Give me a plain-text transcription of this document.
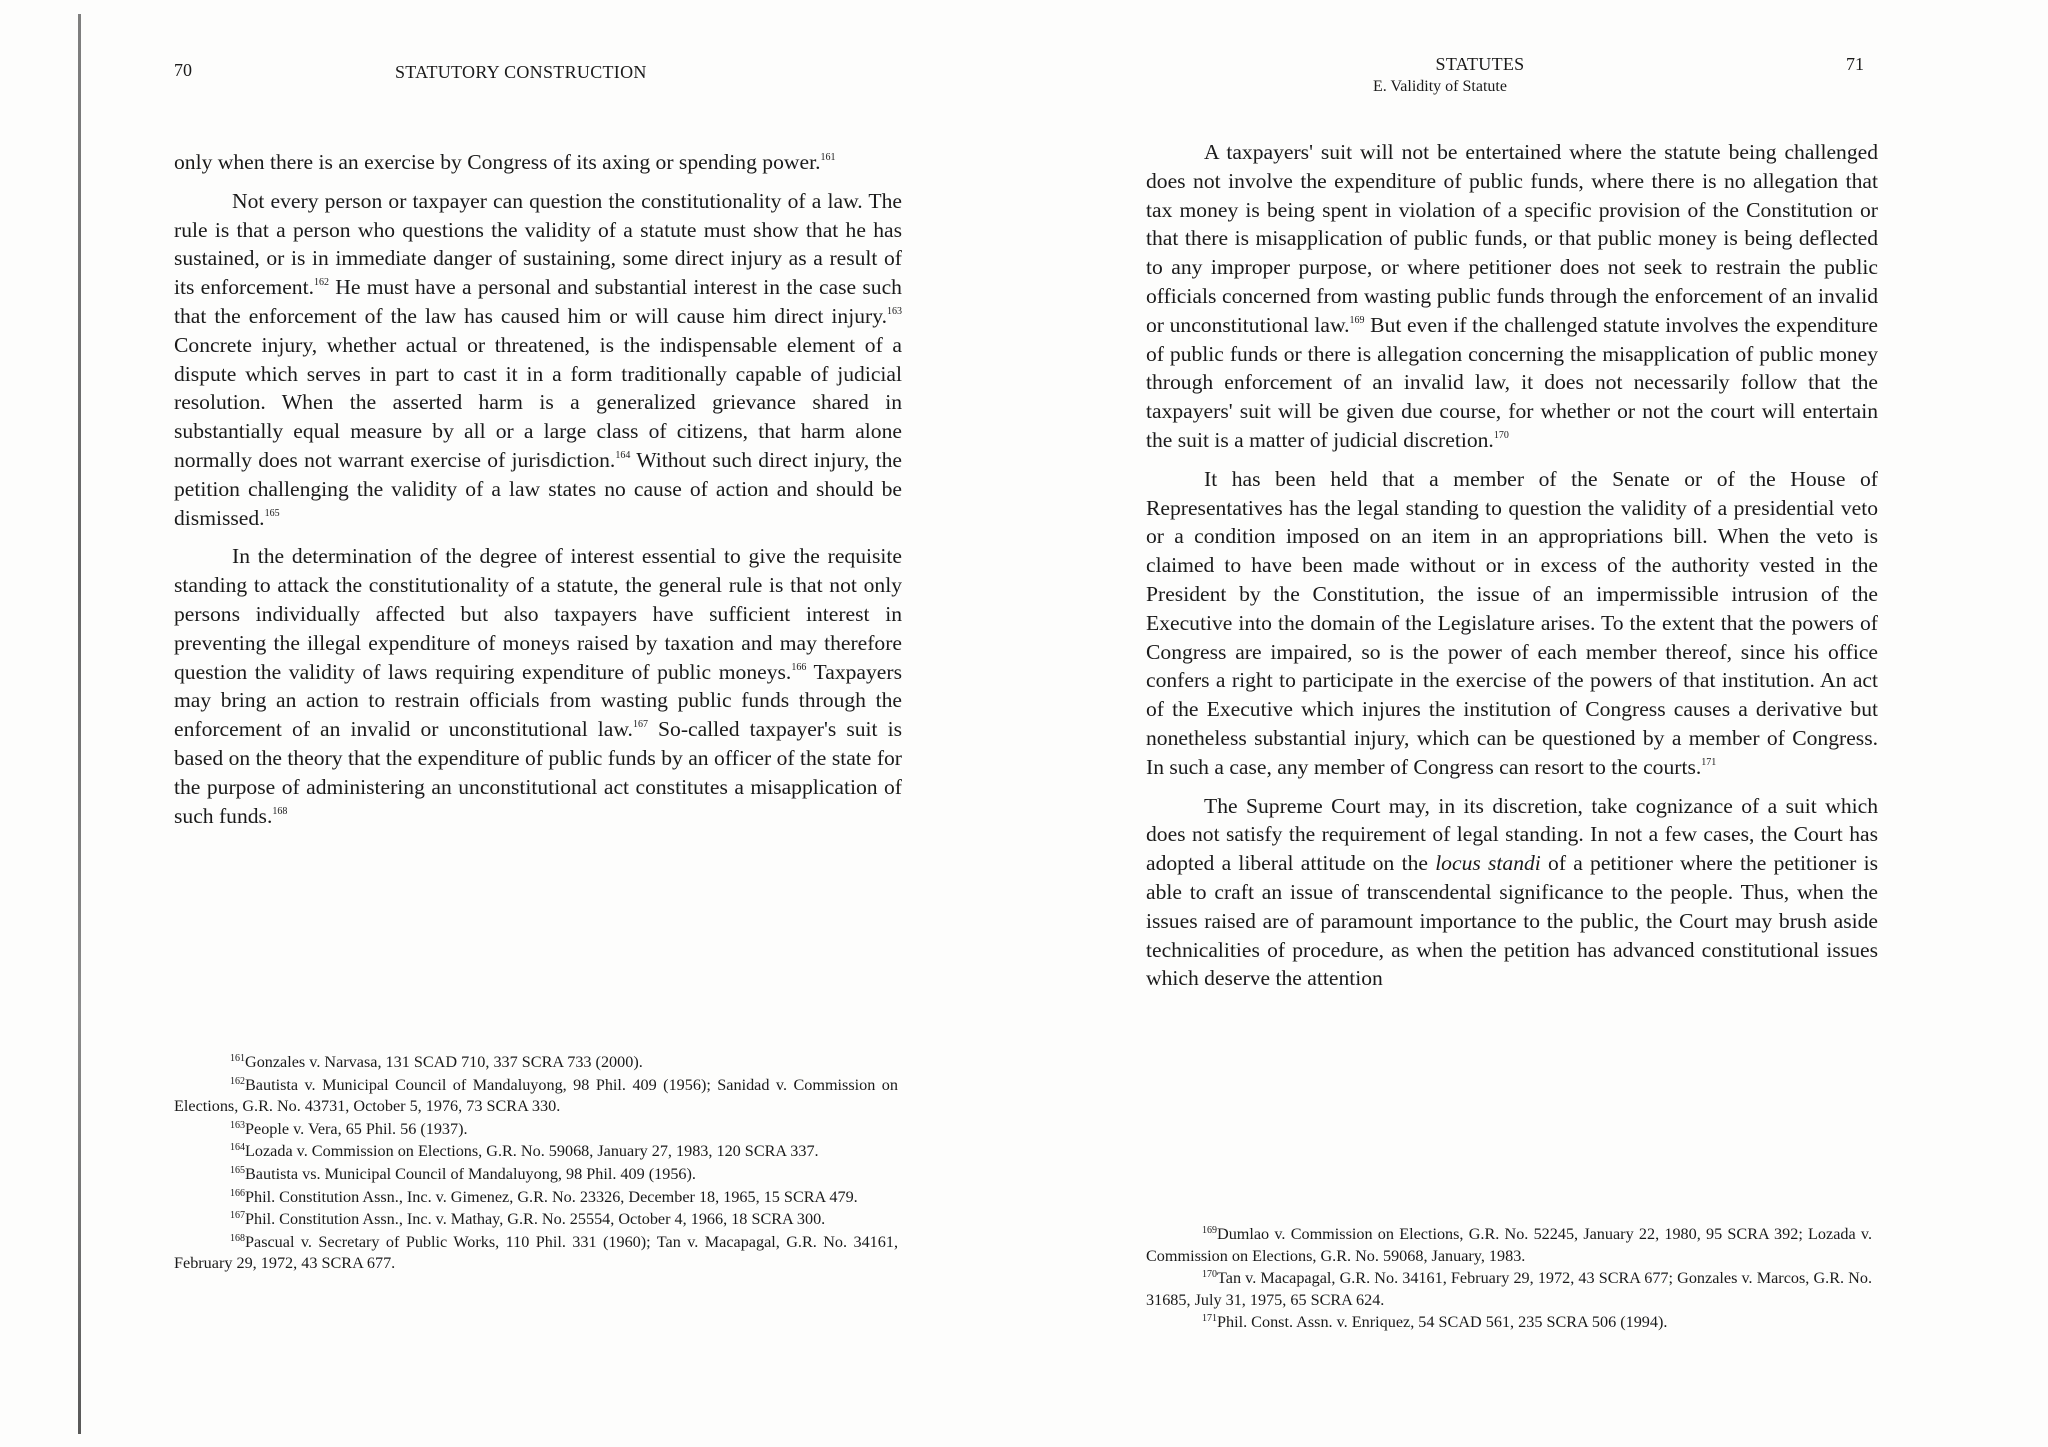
70	STATUTORY CONSTRUCTION

only when there is an exercise by Congress of its axing or spending power.$^{161}$

Not every person or taxpayer can question the constitutionality of a law. The rule is that a person who questions the validity of a statute must show that he has sustained, or is in immediate danger of sustaining, some direct injury as a result of its enforcement.$^{162}$ He must have a personal and substantial interest in the case such that the enforcement of the law has caused him or will cause him direct injury.$^{163}$ Concrete injury, whether actual or threatened, is the indispensable element of a dispute which serves in part to cast it in a form traditionally capable of judicial resolution. When the asserted harm is a generalized grievance shared in substantially equal measure by all or a large class of citizens, that harm alone normally does not warrant exercise of jurisdiction.$^{164}$ Without such direct injury, the petition challenging the validity of a law states no cause of action and should be dismissed.$^{165}$

In the determination of the degree of interest essential to give the requisite standing to attack the constitutionality of a statute, the general rule is that not only persons individually affected but also taxpayers have sufficient interest in preventing the illegal expenditure of moneys raised by taxation and may therefore question the validity of laws requiring expenditure of public moneys.$^{166}$ Taxpayers may bring an action to restrain officials from wasting public funds through the enforcement of an invalid or unconstitutional law.$^{167}$ So-called taxpayer's suit is based on the theory that the expenditure of public funds by an officer of the state for the purpose of administering an unconstitutional act constitutes a misapplication of such funds.$^{168}$

$^{161}$Gonzales v. Narvasa, 131 SCAD 710, 337 SCRA 733 (2000).
$^{162}$Bautista v. Municipal Council of Mandaluyong, 98 Phil. 409 (1956); Sanidad v. Commission on Elections, G.R. No. 43731, October 5, 1976, 73 SCRA 330.
$^{163}$People v. Vera, 65 Phil. 56 (1937).
$^{164}$Lozada v. Commission on Elections, G.R. No. 59068, January 27, 1983, 120 SCRA 337.
$^{165}$Bautista vs. Municipal Council of Mandaluyong, 98 Phil. 409 (1956).
$^{166}$Phil. Constitution Assn., Inc. v. Gimenez, G.R. No. 23326, December 18, 1965, 15 SCRA 479.
$^{167}$Phil. Constitution Assn., Inc. v. Mathay, G.R. No. 25554, October 4, 1966, 18 SCRA 300.
$^{168}$Pascual v. Secretary of Public Works, 110 Phil. 331 (1960); Tan v. Macapagal, G.R. No. 34161, February 29, 1972, 43 SCRA 677.
STATUTES
E. Validity of Statute
71

A taxpayers' suit will not be entertained where the statute being challenged does not involve the expenditure of public funds, where there is no allegation that tax money is being spent in violation of a specific provision of the Constitution or that there is misapplication of public funds, or that public money is being deflected to any improper purpose, or where petitioner does not seek to restrain the public officials concerned from wasting public funds through the enforcement of an invalid or unconstitutional law.$^{169}$ But even if the challenged statute involves the expenditure of public funds or there is allegation concerning the misapplication of public money through enforcement of an invalid law, it does not necessarily follow that the taxpayers' suit will be given due course, for whether or not the court will entertain the suit is a matter of judicial discretion.$^{170}$

It has been held that a member of the Senate or of the House of Representatives has the legal standing to question the validity of a presidential veto or a condition imposed on an item in an appropriations bill. When the veto is claimed to have been made without or in excess of the authority vested in the President by the Constitution, the issue of an impermissible intrusion of the Executive into the domain of the Legislature arises. To the extent that the powers of Congress are impaired, so is the power of each member thereof, since his office confers a right to participate in the exercise of the powers of that institution. An act of the Executive which injures the institution of Congress causes a derivative but nonetheless substantial injury, which can be questioned by a member of Congress. In such a case, any member of Congress can resort to the courts.$^{171}$

The Supreme Court may, in its discretion, take cognizance of a suit which does not satisfy the requirement of legal standing. In not a few cases, the Court has adopted a liberal attitude on the locus standi of a petitioner where the petitioner is able to craft an issue of transcendental significance to the people. Thus, when the issues raised are of paramount importance to the public, the Court may brush aside technicalities of procedure, as when the petition has advanced constitutional issues which deserve the attention

$^{169}$Dumlao v. Commission on Elections, G.R. No. 52245, January 22, 1980, 95 SCRA 392; Lozada v. Commission on Elections, G.R. No. 59068, January, 1983.
$^{170}$Tan v. Macapagal, G.R. No. 34161, February 29, 1972, 43 SCRA 677; Gonzales v. Marcos, G.R. No. 31685, July 31, 1975, 65 SCRA 624.
$^{171}$Phil. Const. Assn. v. Enriquez, 54 SCAD 561, 235 SCRA 506 (1994).
